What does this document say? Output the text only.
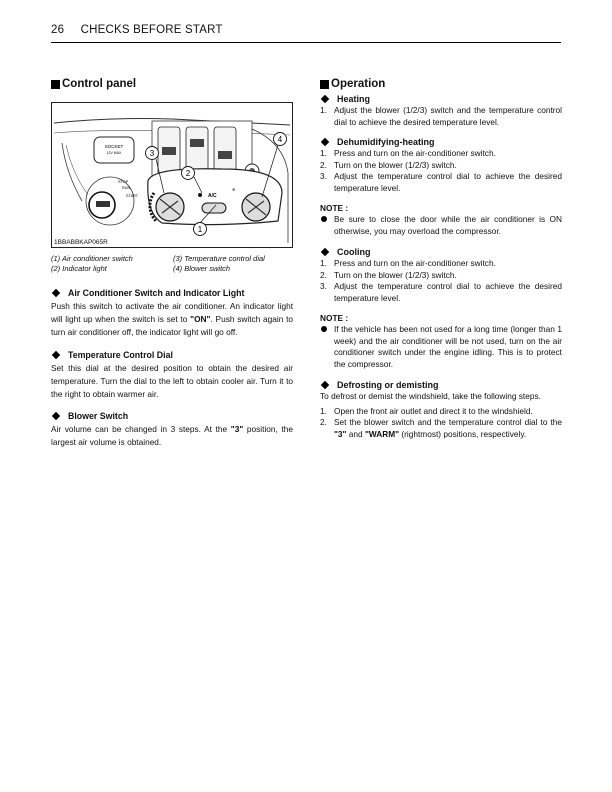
26 CHECKS BEFORE START
Control panel
SOCKET
12V MAX
STOP
RUN
START	A/C
❄
1
2
3
4
1BBABBKAP065R
(1) Air conditioner switch	(3) Temperature control dial
(2) Indicator light	(4) Blower switch
Air Conditioner Switch and Indicator Light

Push this switch to activate the air conditioner. An indicator light will light up when the switch is set to "ON". Push switch again to turn air conditioner off, the indicator light will go off.

Temperature Control Dial

Set this dial at the desired position to obtain the desired air temperature. Turn the dial to the left to obtain cooler air. Turn it to the right to obtain warmer air.

Blower Switch

Air volume can be changed in 3 steps. At the "3" position, the largest air volume is obtained.

Operation
Heating
1. Adjust the blower (1/2/3) switch and the temperature control dial to achieve the desired temperature level.
Dehumidifying-heating
1. Press and turn on the air-conditioner switch.
2. Turn on the blower (1/2/3) switch.
3. Adjust the temperature control dial to achieve the desired temperature level.
NOTE :
Be sure to close the door while the air conditioner is ON otherwise, you may overload the compressor.
Cooling
1. Press and turn on the air-conditioner switch.
2. Turn on the blower (1/2/3) switch.
3. Adjust the temperature control dial to achieve the desired temperature level.
NOTE :
If the vehicle has been not used for a long time (longer than 1 week) and the air conditioner will be not used, turn on the air conditioner switch under the engine idling. This is to protect the compressor.
Defrosting or demisting

To defrost or demist the windshield, take the following steps.

1. Open the front air outlet and direct it to the windshield.
2. Set the blower switch and the temperature control dial to the "3" and "WARM" (rightmost) positions, respectively.
